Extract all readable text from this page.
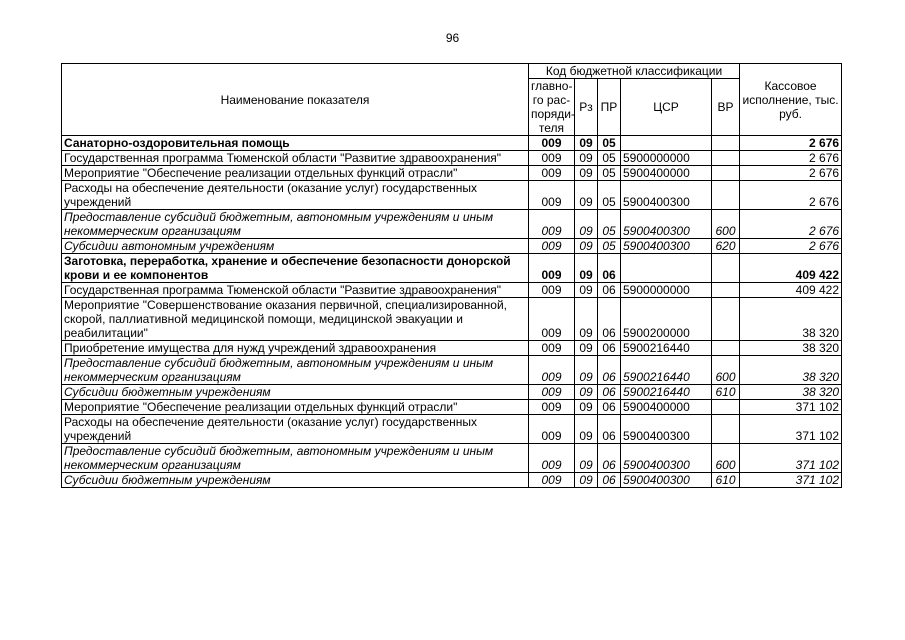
96
Наименование показателя	Код бюджетной классификации					Кассовое исполнение, тыс. руб.
	главно-го рас-поряди-теля	Рз	ПР	ЦСР	ВР	
Санаторно-оздоровительная помощь	009	09	05			2 676
Государственная программа Тюменской области "Развитие здравоохранения"	009	09	05	5900000000		2 676
Мероприятие "Обеспечение реализации отдельных функций отрасли"	009	09	05	5900400000		2 676
Расходы на обеспечение деятельности (оказание услуг) государственных учреждений	009	09	05	5900400300		2 676
Предоставление субсидий бюджетным, автономным учреждениям и иным некоммерческим организациям	009	09	05	5900400300	600	2 676
Субсидии автономным учреждениям	009	09	05	5900400300	620	2 676
Заготовка, переработка, хранение и обеспечение безопасности донорской крови и ее компонентов	009	09	06			409 422
Государственная программа Тюменской области "Развитие здравоохранения"	009	09	06	5900000000		409 422
Мероприятие "Совершенствование оказания первичной, специализированной, скорой, паллиативной медицинской помощи, медицинской эвакуации и реабилитации"	009	09	06	5900200000		38 320
Приобретение имущества для нужд учреждений здравоохранения	009	09	06	5900216440		38 320
Предоставление субсидий бюджетным, автономным учреждениям и иным некоммерческим организациям	009	09	06	5900216440	600	38 320
Субсидии бюджетным учреждениям	009	09	06	5900216440	610	38 320
Мероприятие "Обеспечение реализации отдельных функций отрасли"	009	09	06	5900400000		371 102
Расходы на обеспечение деятельности (оказание услуг) государственных учреждений	009	09	06	5900400300		371 102
Предоставление субсидий бюджетным, автономным учреждениям и иным некоммерческим организациям	009	09	06	5900400300	600	371 102
Субсидии бюджетным учреждениям	009	09	06	5900400300	610	371 102
